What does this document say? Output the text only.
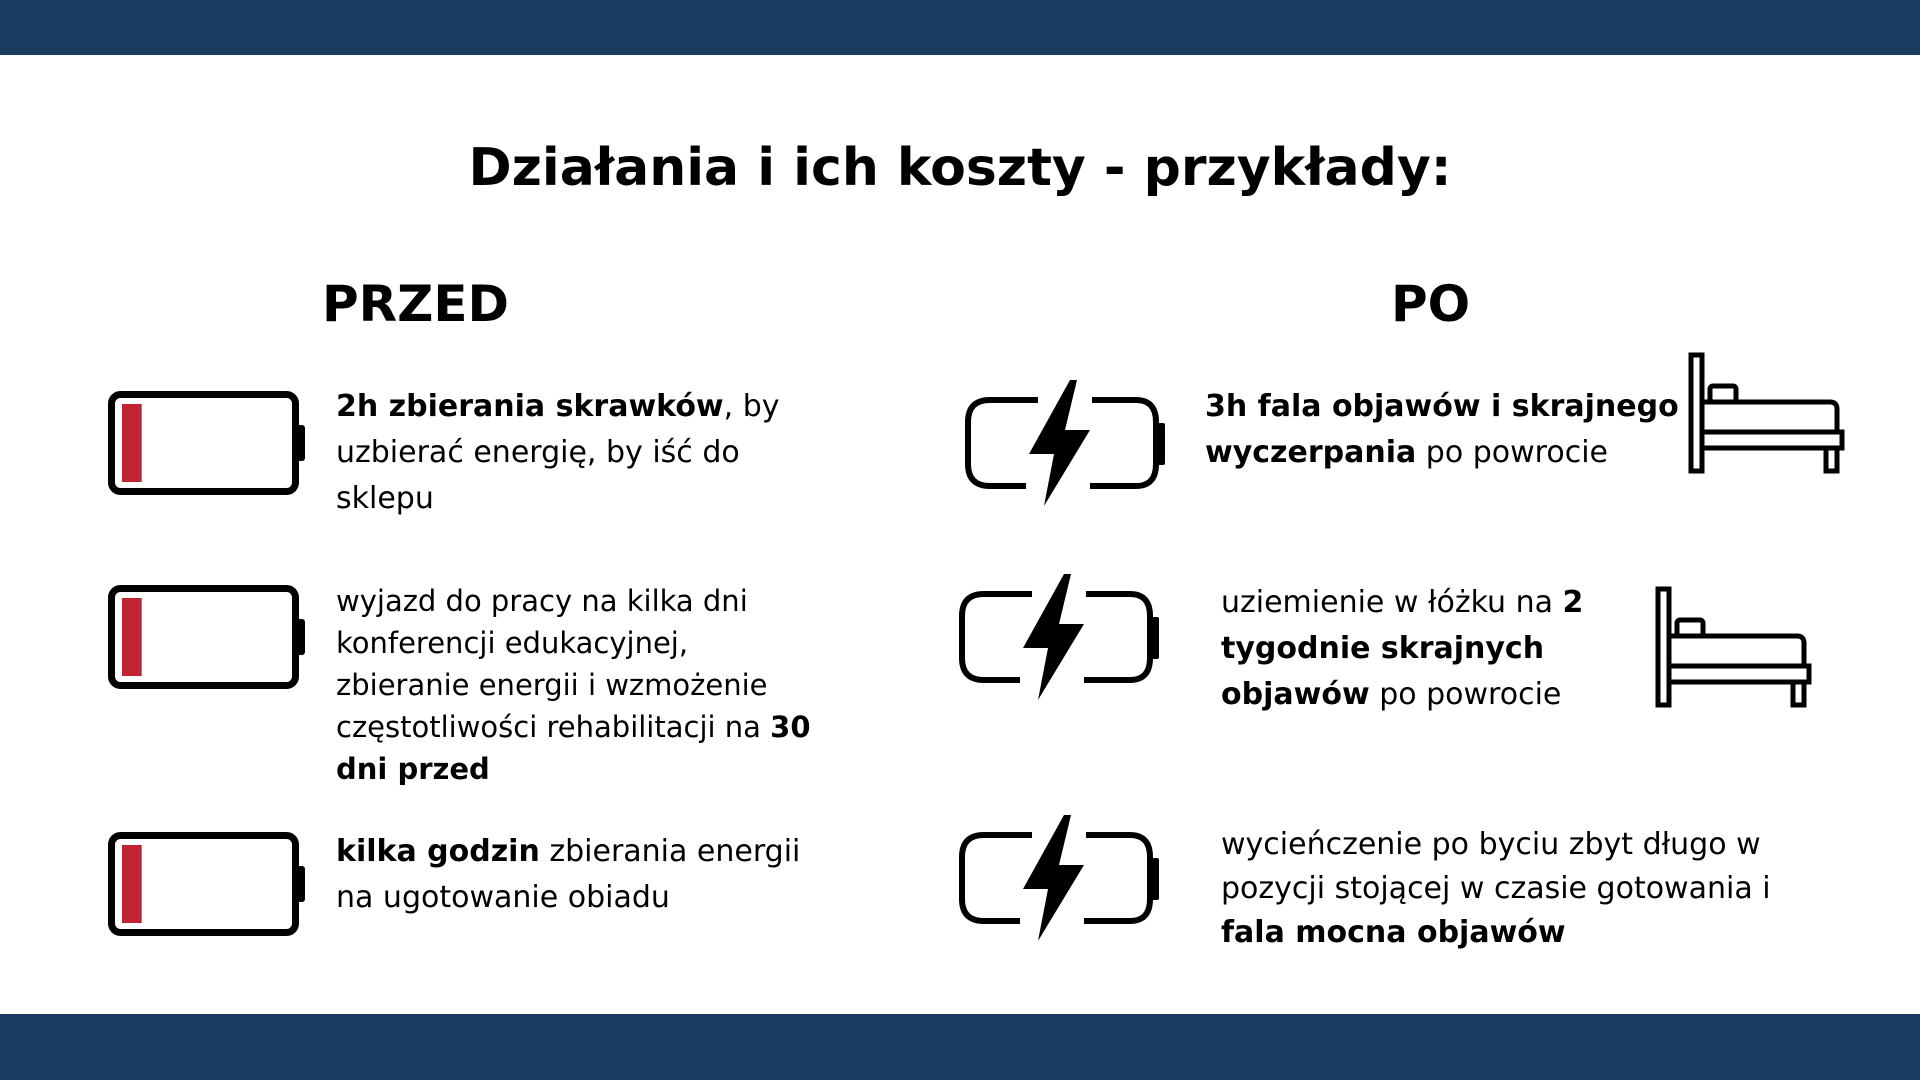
Działania i ich koszty - przykłady:
PRZED	PO

2h zbierania skrawków, by uzbierać energię, by iść do sklepu

wyjazd do pracy na kilka dni konferencji edukacyjnej, zbieranie energii i wzmożenie częstotliwości rehabilitacji na 30 dni przed

kilka godzin zbierania energii na ugotowanie obiadu

3h fala objawów i skrajnego wyczerpania po powrocie

uziemienie w łóżku na 2 tygodnie skrajnych objawów po powrocie

wycieńczenie po byciu zbyt długo w pozycji stojącej w czasie gotowania i fala mocna objawów
